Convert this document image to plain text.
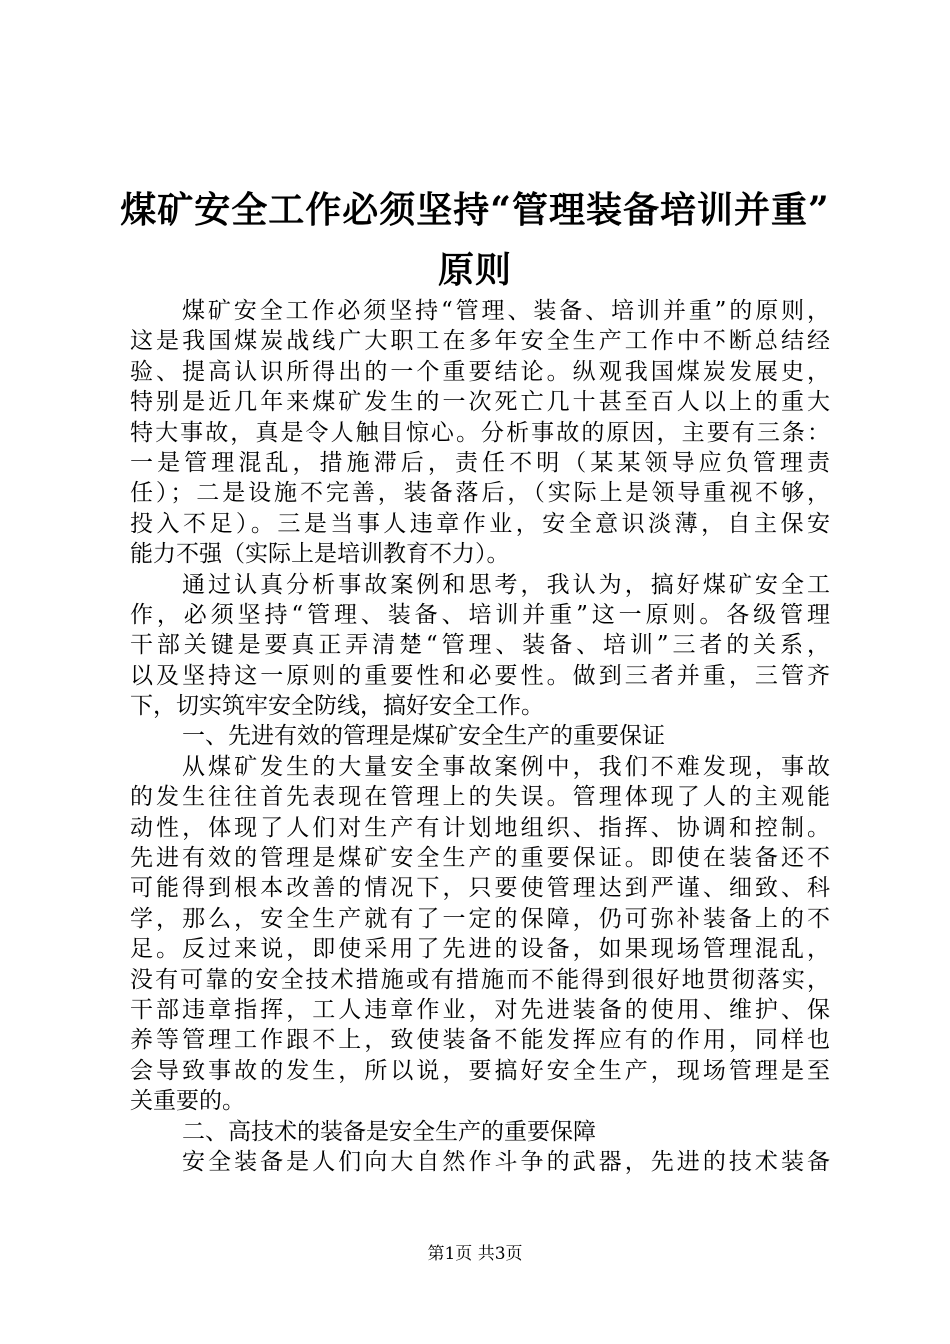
煤矿安全工作必须坚持“管理装备培训并重”
原则
煤矿安全工作必须坚持“管理、装备、培训并重”的原则，
这是我国煤炭战线广大职工在多年安全生产工作中不断总结经
验、提高认识所得出的一个重要结论。纵观我国煤炭发展史，
特别是近几年来煤矿发生的一次死亡几十甚至百人以上的重大
特大事故，真是令人触目惊心。分析事故的原因，主要有三条：
一是管理混乱，措施滞后，责任不明（某某领导应负管理责
任）；二是设施不完善，装备落后，（实际上是领导重视不够，
投入不足）。三是当事人违章作业，安全意识淡薄，自主保安
能力不强（实际上是培训教育不力）。
通过认真分析事故案例和思考，我认为，搞好煤矿安全工
作，必须坚持“管理、装备、培训并重”这一原则。各级管理
干部关键是要真正弄清楚“管理、装备、培训”三者的关系，
以及坚持这一原则的重要性和必要性。做到三者并重，三管齐
下，切实筑牢安全防线，搞好安全工作。
一、先进有效的管理是煤矿安全生产的重要保证
从煤矿发生的大量安全事故案例中，我们不难发现，事故
的发生往往首先表现在管理上的失误。管理体现了人的主观能
动性，体现了人们对生产有计划地组织、指挥、协调和控制。
先进有效的管理是煤矿安全生产的重要保证。即使在装备还不
可能得到根本改善的情况下，只要使管理达到严谨、细致、科
学，那么，安全生产就有了一定的保障，仍可弥补装备上的不
足。反过来说，即使采用了先进的设备，如果现场管理混乱，
没有可靠的安全技术措施或有措施而不能得到很好地贯彻落实，
干部违章指挥，工人违章作业，对先进装备的使用、维护、保
养等管理工作跟不上，致使装备不能发挥应有的作用，同样也
会导致事故的发生，所以说，要搞好安全生产，现场管理是至
关重要的。
二、高技术的装备是安全生产的重要保障
安全装备是人们向大自然作斗争的武器，先进的技术装备
第1页 共3页
